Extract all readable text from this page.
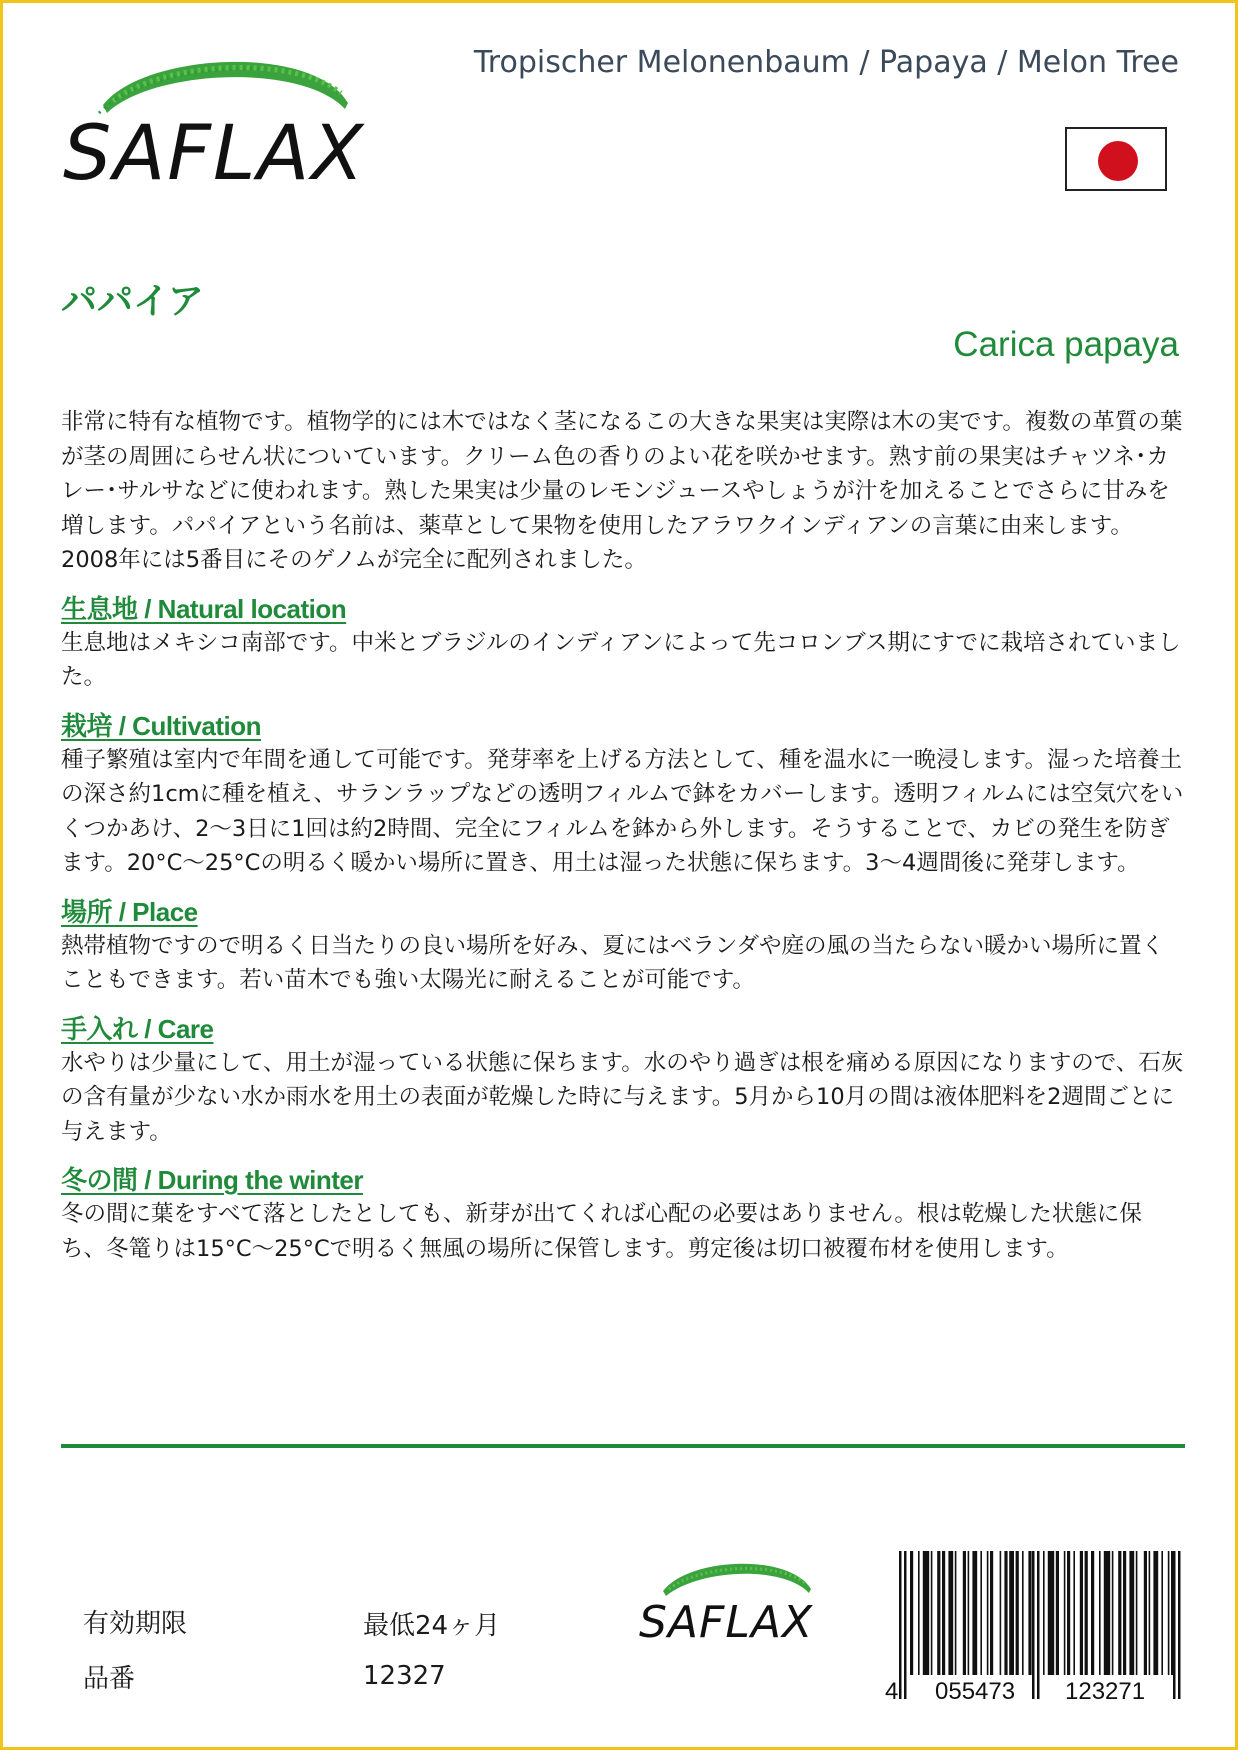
SAFLAX
Tropischer Melonenbaum / Papaya / Melon Tree
パパイア
Carica papaya

非常に特有な植物です。植物学的には木ではなく茎になるこの大きな果実は実際は木の実です。複数の革質の葉が茎の周囲にらせん状についています。クリーム色の香りのよい花を咲かせます。熟す前の果実はチャツネ･カレー･サルサなどに使われます。熟した果実は少量のレモンジュースやしょうが汁を加えることでさらに甘みを増します。パパイアという名前は、薬草として果物を使用したアラワクインディアンの言葉に由来します。2008年には5番目にそのゲノムが完全に配列されました。

生息地 / Natural location

生息地はメキシコ南部です。中米とブラジルのインディアンによって先コロンブス期にすでに栽培されていました。

栽培 / Cultivation

種子繁殖は室内で年間を通して可能です。発芽率を上げる方法として、種を温水に一晩浸します。湿った培養土の深さ約1cmに種を植え、サランラップなどの透明フィルムで鉢をカバーします。透明フィルムには空気穴をいくつかあけ、2～3日に1回は約2時間、完全にフィルムを鉢から外します。そうすることで、カビの発生を防ぎます。20°C～25°Cの明るく暖かい場所に置き、用土は湿った状態に保ちます。3～4週間後に発芽します。

場所 / Place

熱帯植物ですので明るく日当たりの良い場所を好み、夏にはベランダや庭の風の当たらない暖かい場所に置くこともできます。若い苗木でも強い太陽光に耐えることが可能です。

手入れ / Care

水やりは少量にして、用土が湿っている状態に保ちます。水のやり過ぎは根を痛める原因になりますので、石灰の含有量が少ない水か雨水を用土の表面が乾燥した時に与えます。5月から10月の間は液体肥料を2週間ごとに与えます。

冬の間 / During the winter

冬の間に葉をすべて落としたとしても、新芽が出てくれば心配の必要はありません。根は乾燥した状態に保ち、冬篭りは15°C～25°Cで明るく無風の場所に保管します。剪定後は切口被覆布材を使用します。

有効期限	最低24ヶ月
品番	12327
SAFLAX
4 055473 123271
